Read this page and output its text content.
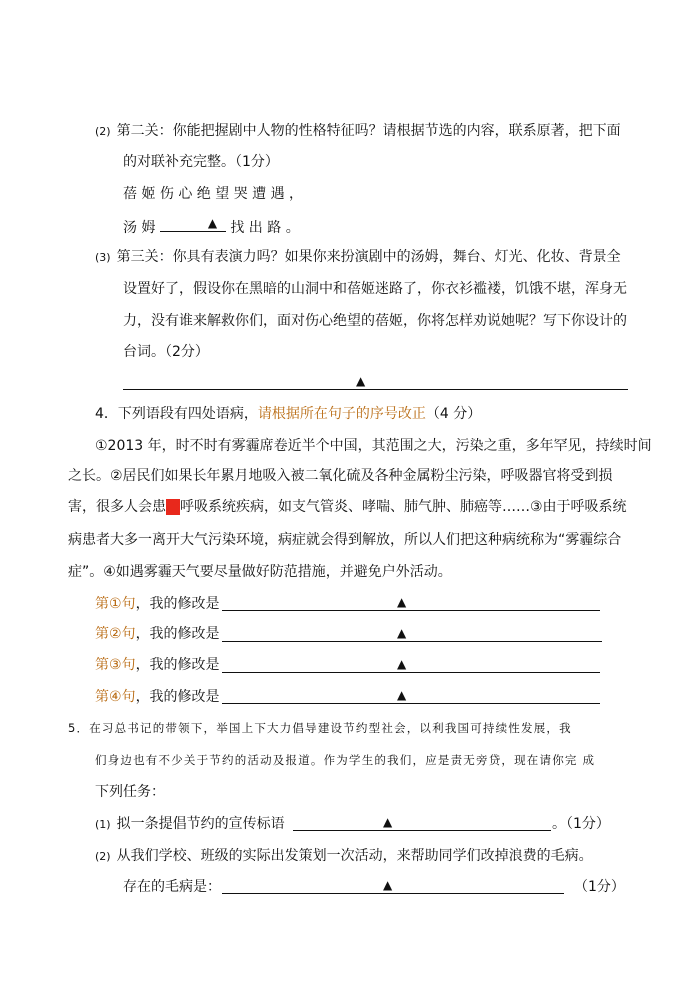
(2) 第二关：你能把握剧中人物的性格特征吗？请根据节选的内容，联系原著，把下面
的对联补充完整。（1分）
蓓 姬 伤 心 绝 望 哭 遭 遇 ，
汤 姆	▲ 找 出 路 。
(3) 第三关：你具有表演力吗？如果你来扮演剧中的汤姆，舞台、灯光、化妆、背景全
设置好了，假设你在黑暗的山洞中和蓓姬迷路了，你衣衫褴褛，饥饿不堪，浑身无
力，没有谁来解救你们，面对伤心绝望的蓓姬，你将怎样劝说她呢？写下你设计的
台词。（2分）
▲
4．下列语段有四处语病，请根据所在句子的序号改正（4 分）
①2013 年，时不时有雾霾席卷近半个中国，其范围之大，污染之重，多年罕见，持续时间
之长。②居民们如果长年累月地吸入被二氧化硫及各种金属粉尘污染，呼吸器官将受到损
害，很多人会患上呼吸系统疾病，如支气管炎、哮喘、肺气肿、肺癌等……③由于呼吸系统
病患者大多一离开大气污染环境，病症就会得到解放，所以人们把这种病统称为“雾霾综合
症”。④如遇雾霾天气要尽量做好防范措施，并避免户外活动。
第①句，我的修改是	▲
第②句，我的修改是	▲
第③句，我的修改是	▲
第④句，我的修改是	▲
5．在习总书记的带领下，举国上下大力倡导建设节约型社会，以利我国可持续性发展，我
们身边也有不少关于节约的活动及报道。作为学生的我们，应是责无旁贷，现在请你完 成
下列任务：
(1) 拟一条提倡节约的宣传标语	▲	。（1分）
(2) 从我们学校、班级的实际出发策划一次活动，来帮助同学们改掉浪费的毛病。
存在的毛病是：	▲	（1分）
